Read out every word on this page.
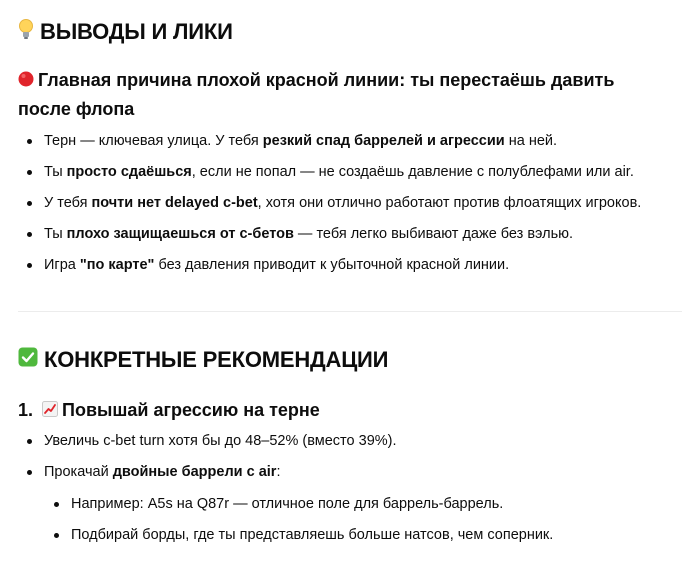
ВЫВОДЫ И ЛИКИ
Главная причина плохой красной линии: ты перестаёшь давить после флопа
Терн — ключевая улица. У тебя резкий спад баррелей и агрессии на ней.
Ты просто сдаёшься, если не попал — не создаёшь давление с полублефами или air.
У тебя почти нет delayed c-bet, хотя они отлично работают против флоатящих игроков.
Ты плохо защищаешься от c-бетов — тебя легко выбивают даже без вэлью.
Игра "по карте" без давления приводит к убыточной красной линии.
КОНКРЕТНЫЕ РЕКОМЕНДАЦИИ
1. Повышай агрессию на терне
Увеличь c-bet turn хотя бы до 48–52% (вместо 39%).
Прокачай двойные баррели с air:
Например: A5s на Q87r — отличное поле для баррель-баррель.
Подбирай борды, где ты представляешь больше натсов, чем соперник.
